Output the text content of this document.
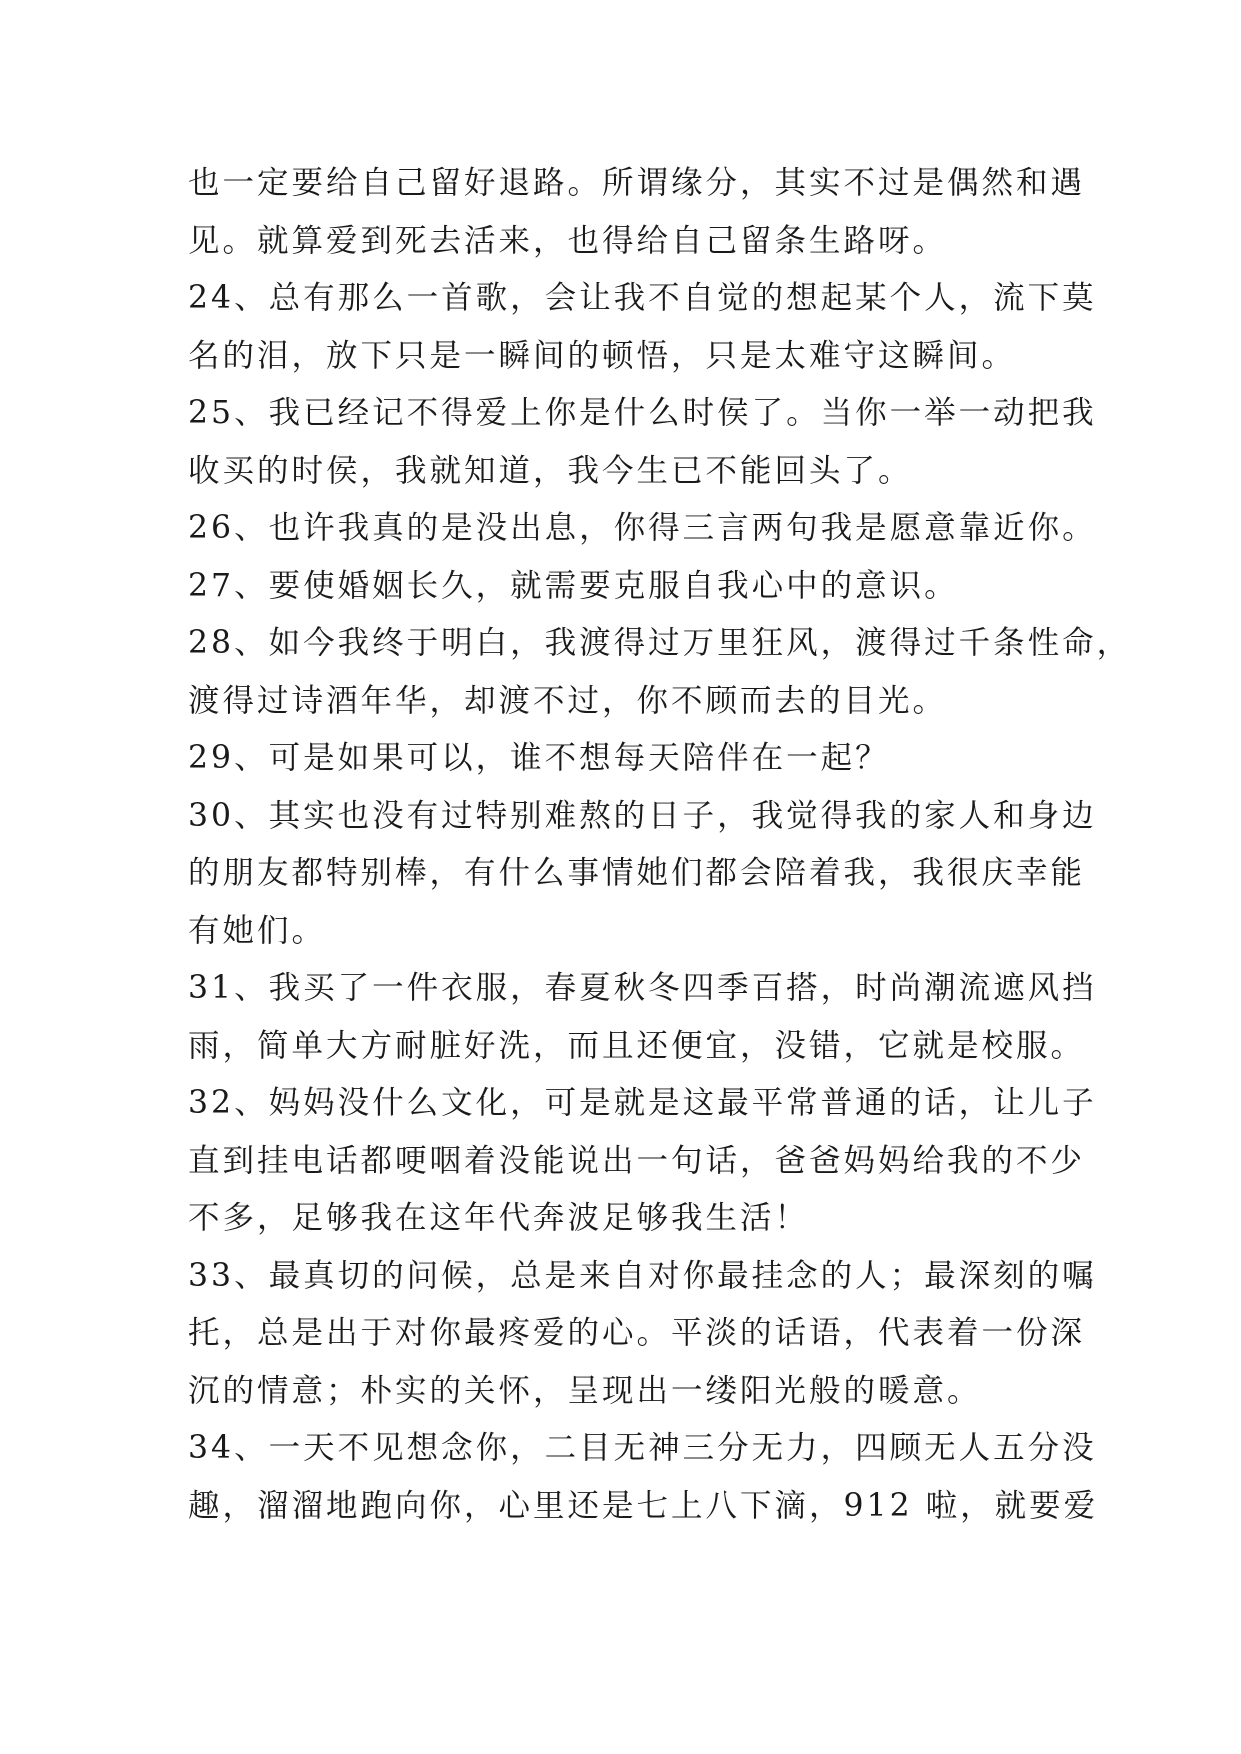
也一定要给自己留好退路。所谓缘分，其实不过是偶然和遇
见。就算爱到死去活来，也得给自己留条生路呀。
24、总有那么一首歌，会让我不自觉的想起某个人，流下莫
名的泪，放下只是一瞬间的顿悟，只是太难守这瞬间。
25、我已经记不得爱上你是什么时侯了。当你一举一动把我
收买的时侯，我就知道，我今生已不能回头了。
26、也许我真的是没出息，你得三言两句我是愿意靠近你。
27、要使婚姻长久，就需要克服自我心中的意识。
28、如今我终于明白，我渡得过万里狂风，渡得过千条性命，
渡得过诗酒年华，却渡不过，你不顾而去的目光。
29、可是如果可以，谁不想每天陪伴在一起？
30、其实也没有过特别难熬的日子，我觉得我的家人和身边
的朋友都特别棒，有什么事情她们都会陪着我，我很庆幸能
有她们。
31、我买了一件衣服，春夏秋冬四季百搭，时尚潮流遮风挡
雨，简单大方耐脏好洗，而且还便宜，没错，它就是校服。
32、妈妈没什么文化，可是就是这最平常普通的话，让儿子
直到挂电话都哽咽着没能说出一句话，爸爸妈妈给我的不少
不多，足够我在这年代奔波足够我生活！
33、最真切的问候，总是来自对你最挂念的人；最深刻的嘱
托，总是出于对你最疼爱的心。平淡的话语，代表着一份深
沉的情意；朴实的关怀，呈现出一缕阳光般的暖意。
34、一天不见想念你，二目无神三分无力，四顾无人五分没
趣，溜溜地跑向你，心里还是七上八下滴，912 啦，就要爱
